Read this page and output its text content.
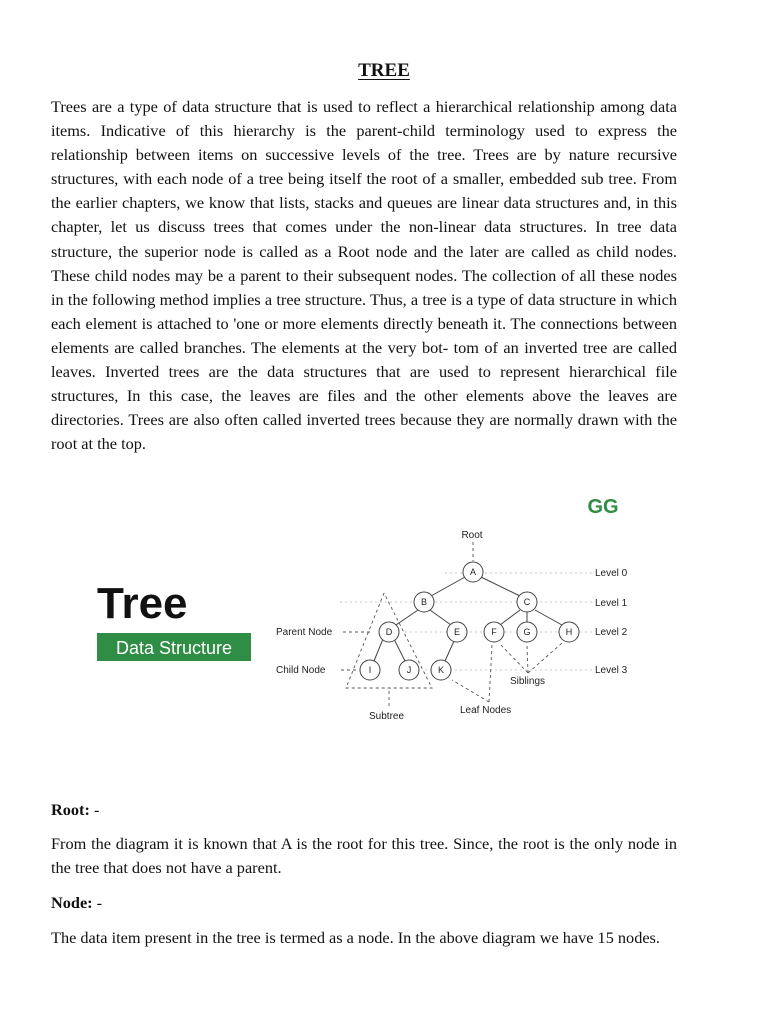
TREE

Trees are a type of data structure that is used to reflect a hierarchical relationship among data items. Indicative of this hierarchy is the parent-child terminology used to express the relationship between items on successive levels of the tree. Trees are by nature recursive structures, with each node of a tree being itself the root of a smaller, embedded sub tree. From the earlier chapters, we know that lists, stacks and queues are linear data structures and, in this chapter, let us discuss trees that comes under the non-linear data structures. In tree data structure, the superior node is called as a Root node and the later are called as child nodes. These child nodes may be a parent to their subsequent nodes. The collection of all these nodes in the following method implies a tree structure. Thus, a tree is a type of data structure in which each element is attached to 'one or more elements directly beneath it. The connections between elements are called branches. The elements at the very bot- tom of an inverted tree are called leaves. Inverted trees are the data structures that are used to represent hierarchical file structures, In this case, the leaves are files and the other elements above the leaves are directories. Trees are also often called inverted trees because they are normally drawn with the root at the top.

GG
Tree
Data Structure
A
B	C
D	E	F	G	H
I	J	K
Root
Parent Node
Child Node
Siblings
Leaf Nodes
Subtree
Level 0
Level 1
Level 2
Level 3
Root: -

From the diagram it is known that A is the root for this tree. Since, the root is the only node in the tree that does not have a parent.

Node: -

The data item present in the tree is termed as a node. In the above diagram we have 15 nodes.
